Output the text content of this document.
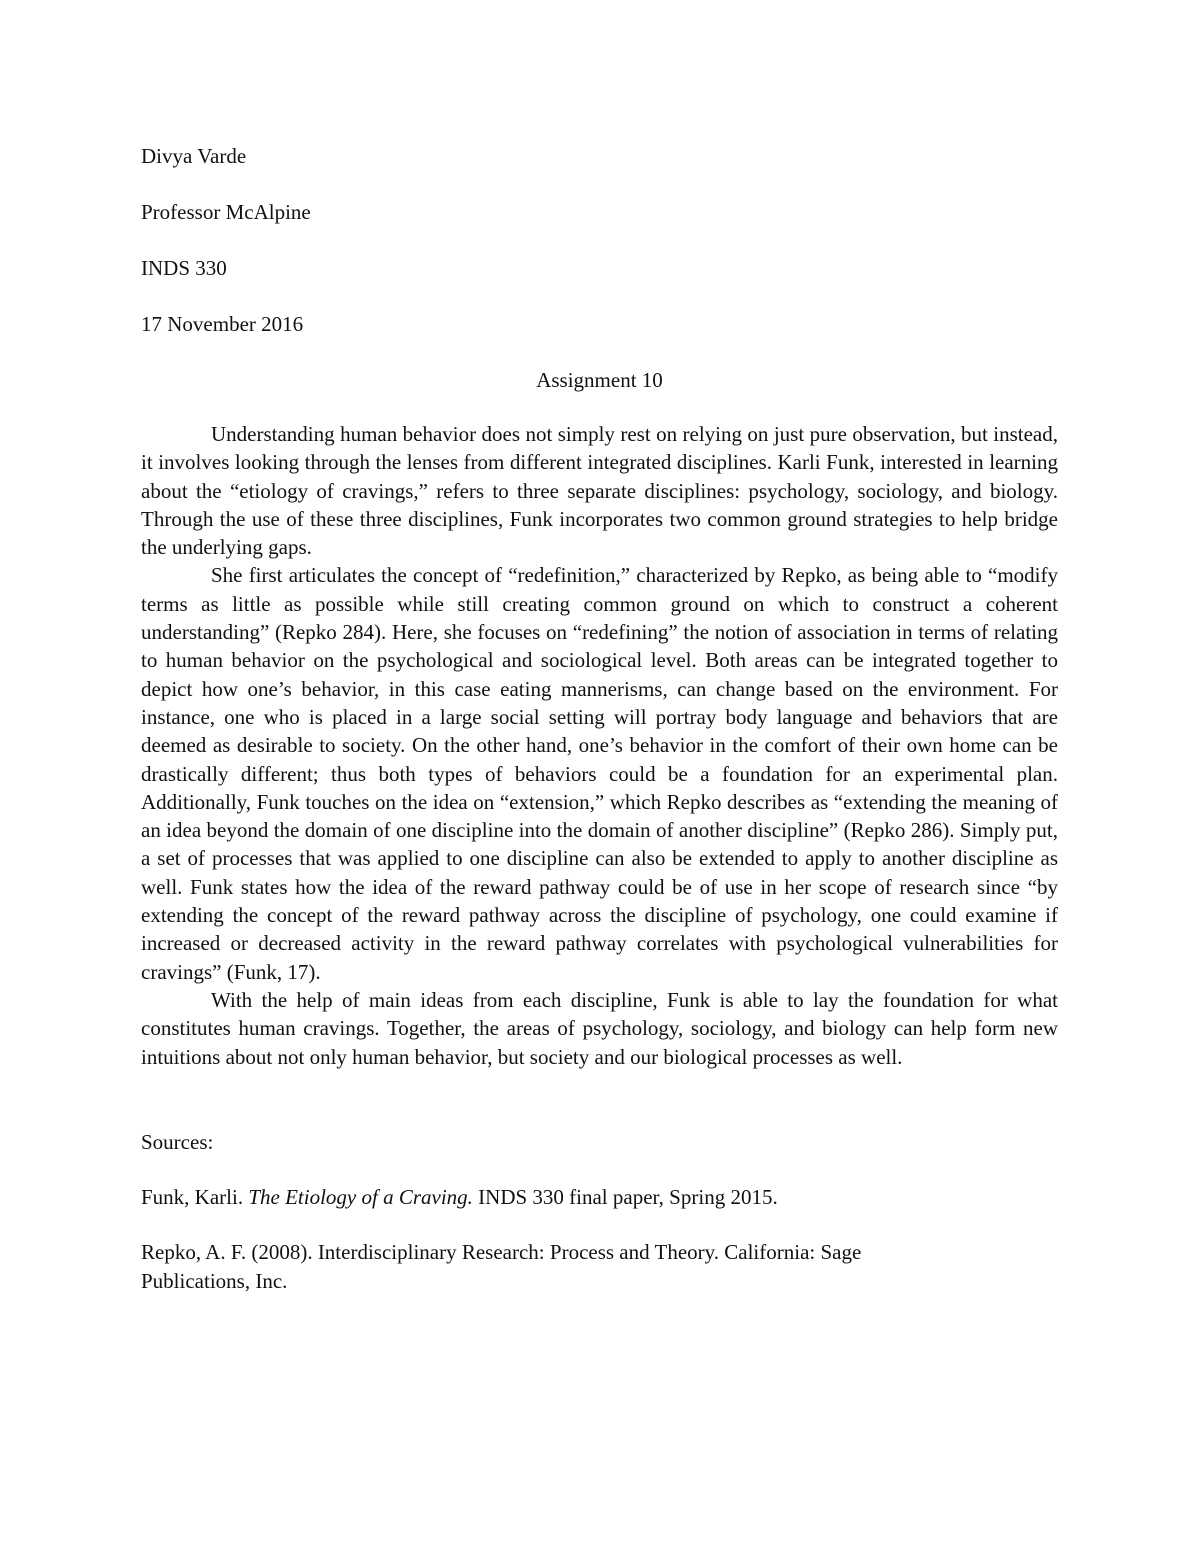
Divya Varde
Professor McAlpine
INDS 330
17 November 2016
Assignment 10

Understanding human behavior does not simply rest on relying on just pure observation, but instead, it involves looking through the lenses from different integrated disciplines. Karli Funk, interested in learning about the “etiology of cravings,” refers to three separate disciplines: psychology, sociology, and biology. Through the use of these three disciplines, Funk incorporates two common ground strategies to help bridge the underlying gaps.

She first articulates the concept of “redefinition,” characterized by Repko, as being able to “modify terms as little as possible while still creating common ground on which to construct a coherent understanding” (Repko 284). Here, she focuses on “redefining” the notion of association in terms of relating to human behavior on the psychological and sociological level. Both areas can be integrated together to depict how one’s behavior, in this case eating mannerisms, can change based on the environment. For instance, one who is placed in a large social setting will portray body language and behaviors that are deemed as desirable to society. On the other hand, one’s behavior in the comfort of their own home can be drastically different; thus both types of behaviors could be a foundation for an experimental plan. Additionally, Funk touches on the idea on “extension,” which Repko describes as “extending the meaning of an idea beyond the domain of one discipline into the domain of another discipline” (Repko 286). Simply put, a set of processes that was applied to one discipline can also be extended to apply to another discipline as well. Funk states how the idea of the reward pathway could be of use in her scope of research since “by extending the concept of the reward pathway across the discipline of psychology, one could examine if increased or decreased activity in the reward pathway correlates with psychological vulnerabilities for cravings” (Funk, 17).

With the help of main ideas from each discipline, Funk is able to lay the foundation for what constitutes human cravings. Together, the areas of psychology, sociology, and biology can help form new intuitions about not only human behavior, but society and our biological processes as well.

Sources:

Funk, Karli. The Etiology of a Craving. INDS 330 final paper, Spring 2015.

Repko, A. F. (2008). Interdisciplinary Research: Process and Theory. California: Sage Publications, Inc.
